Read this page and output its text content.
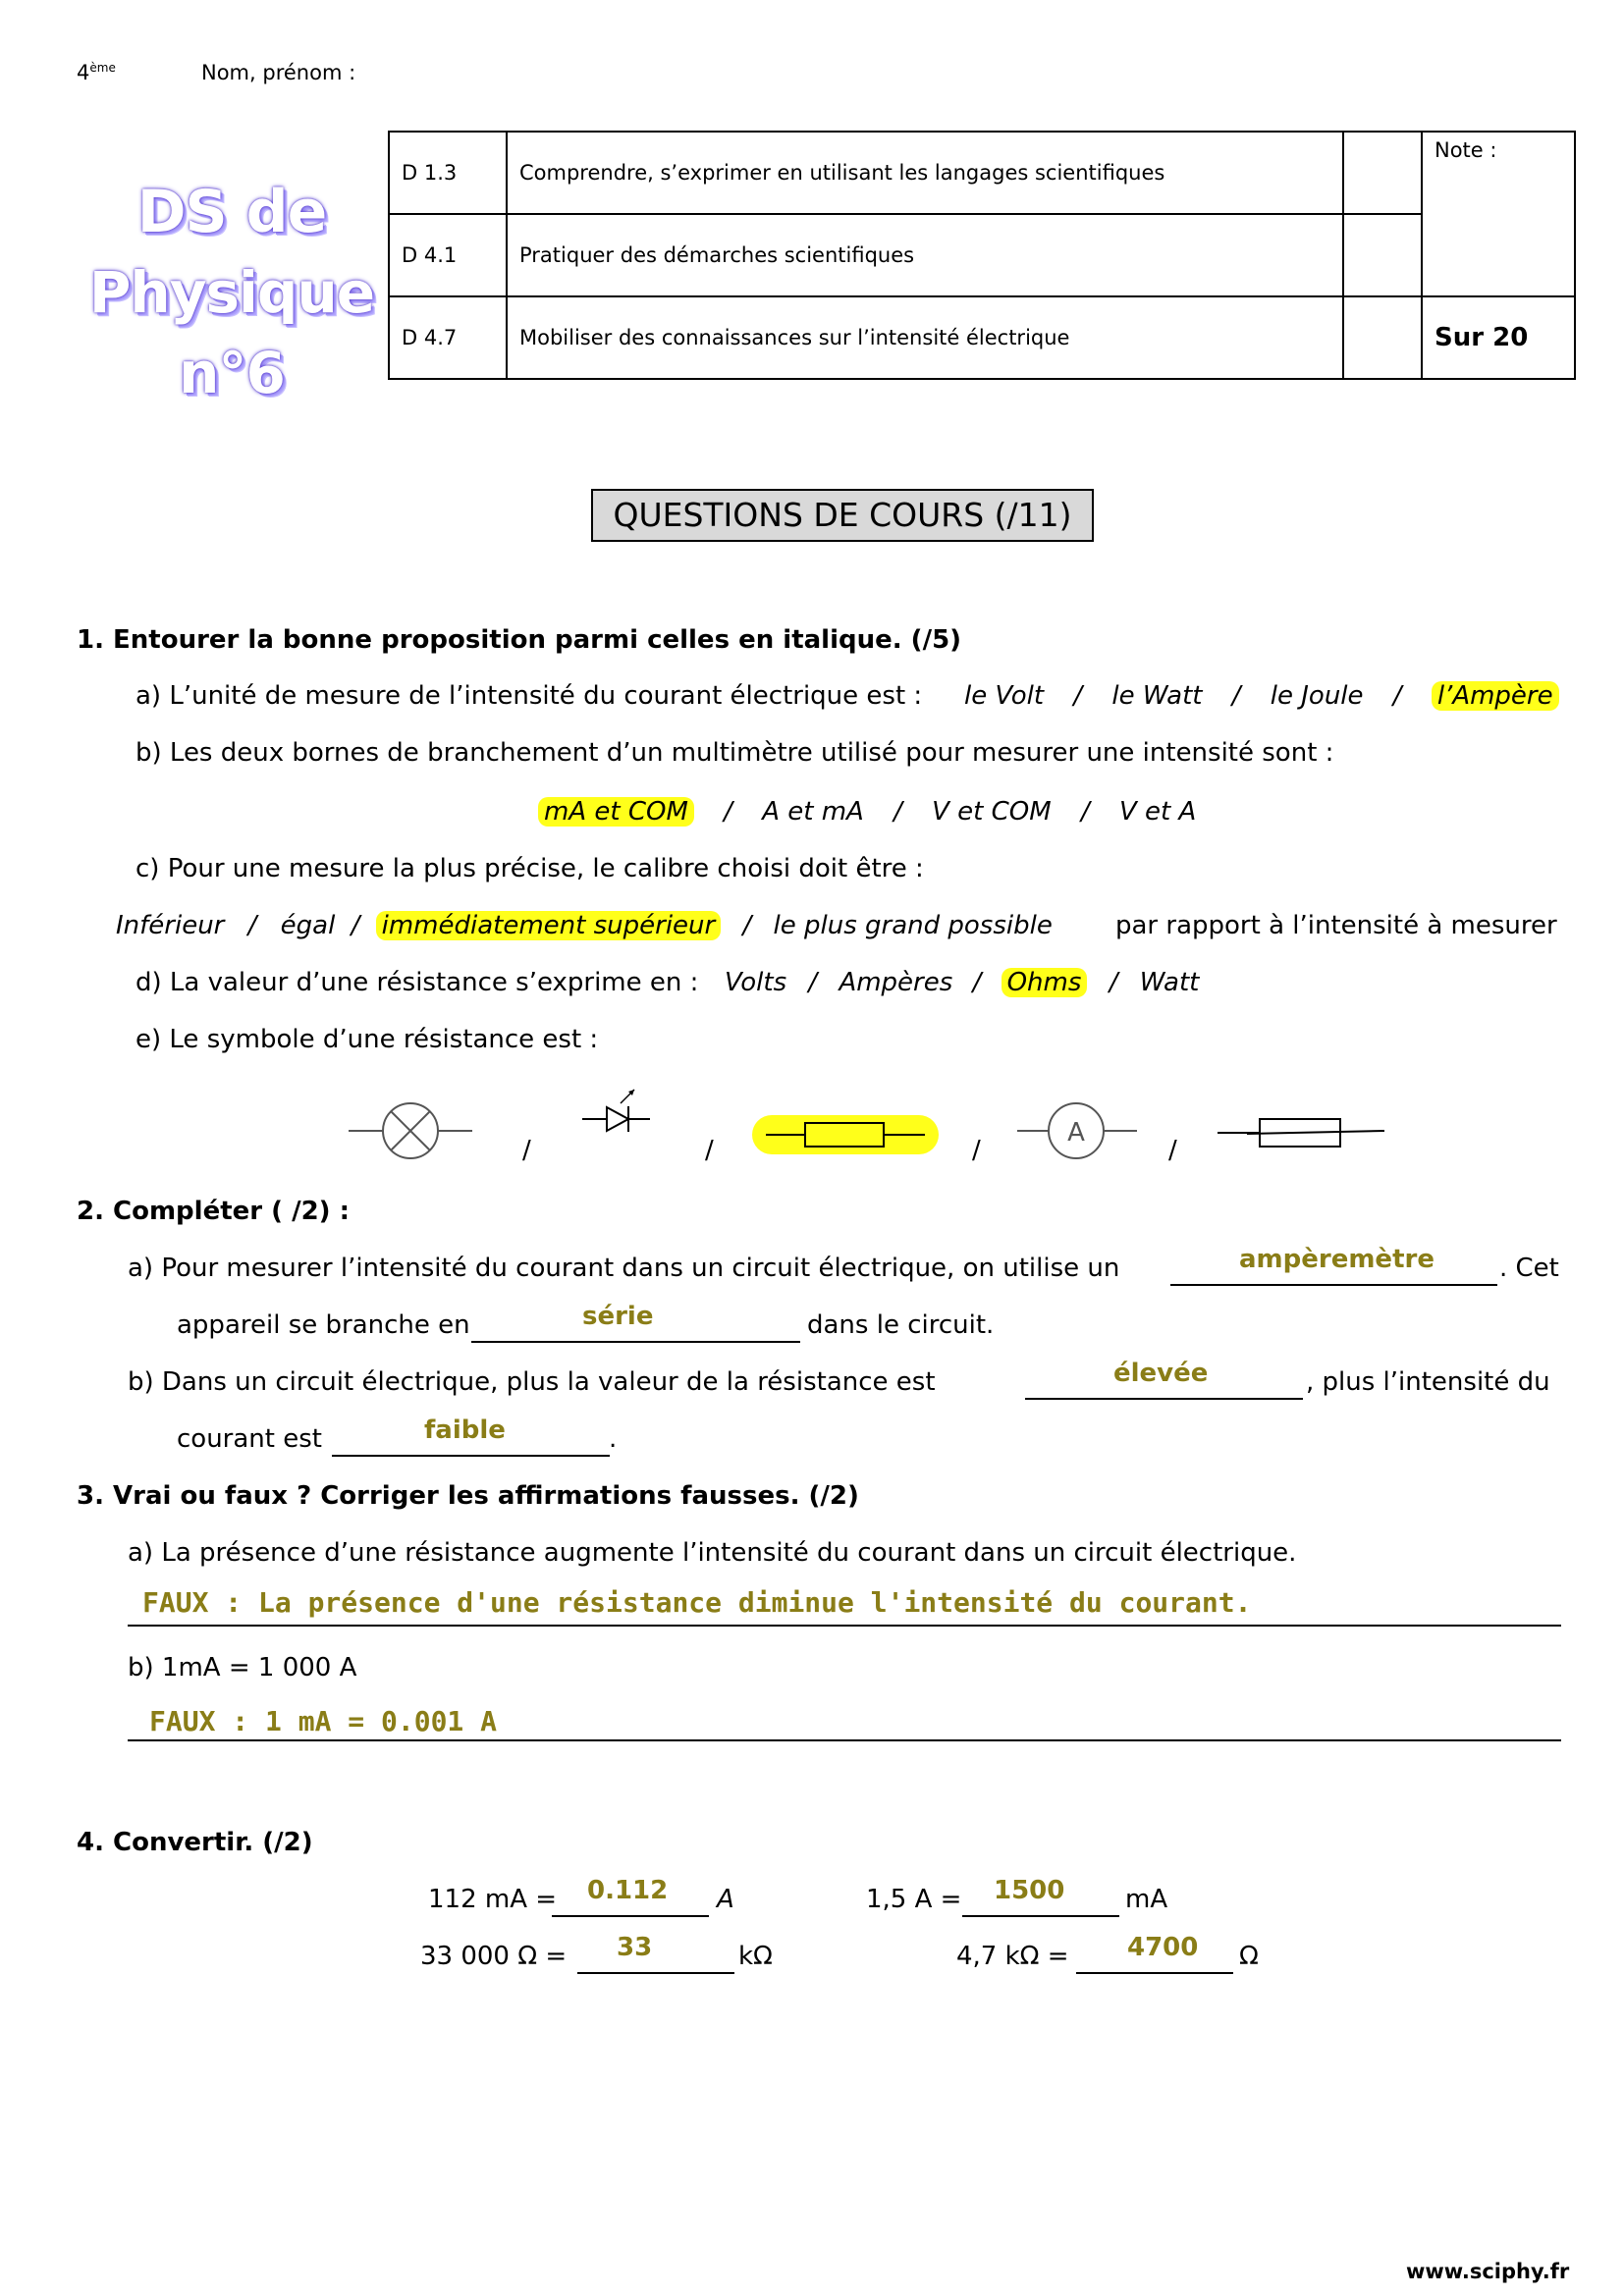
4ème	Nom, prénom :
DS de
Physique n°6
D 1.3	Comprendre, s’exprimer en utilisant les langages scientifiques		Note :
D 4.1	Pratiquer des démarches scientifiques		
D 4.7	Mobiliser des connaissances sur l’intensité électrique		Sur 20
QUESTIONS DE COURS (/11)
1. Entourer la bonne proposition parmi celles en italique. (/5)
a) L’unité de mesure de l’intensité du courant électrique est : le Volt / le Watt / le Joule / l’Ampère
b) Les deux bornes de branchement d’un multimètre utilisé pour mesurer une intensité sont :
mA et COM / A et mA / V et COM / V et A
c) Pour une mesure la plus précise, le calibre choisi doit être :
Inférieur / égal / immédiatement supérieur / le plus grand possible par rapport à l’intensité à mesurer
d) La valeur d’une résistance s’exprime en : Volts / Ampères / Ohms / Watt
e) Le symbole d’une résistance est :
/	/	/
A
/
2. Compléter ( /2) :
a) Pour mesurer l’intensité du courant dans un circuit électrique, on utilise un	ampèremètre	. Cet
appareil se branche en	série	dans le circuit.
b) Dans un circuit électrique, plus la valeur de la résistance est	élevée	, plus l’intensité du
courant est	faible	.
3. Vrai ou faux ? Corriger les affirmations fausses. (/2)
a) La présence d’une résistance augmente l’intensité du courant dans un circuit électrique.
FAUX : La présence d'une résistance diminue l'intensité du courant.
b) 1mA = 1 000 A
FAUX : 1 mA = 0.001 A
4. Convertir. (/2)
112 mA = 0.112 A	1,5 A = 1500 mA
33 000 Ω = 33	kΩ	4,7 kΩ = 4700 Ω
www.sciphy.fr
